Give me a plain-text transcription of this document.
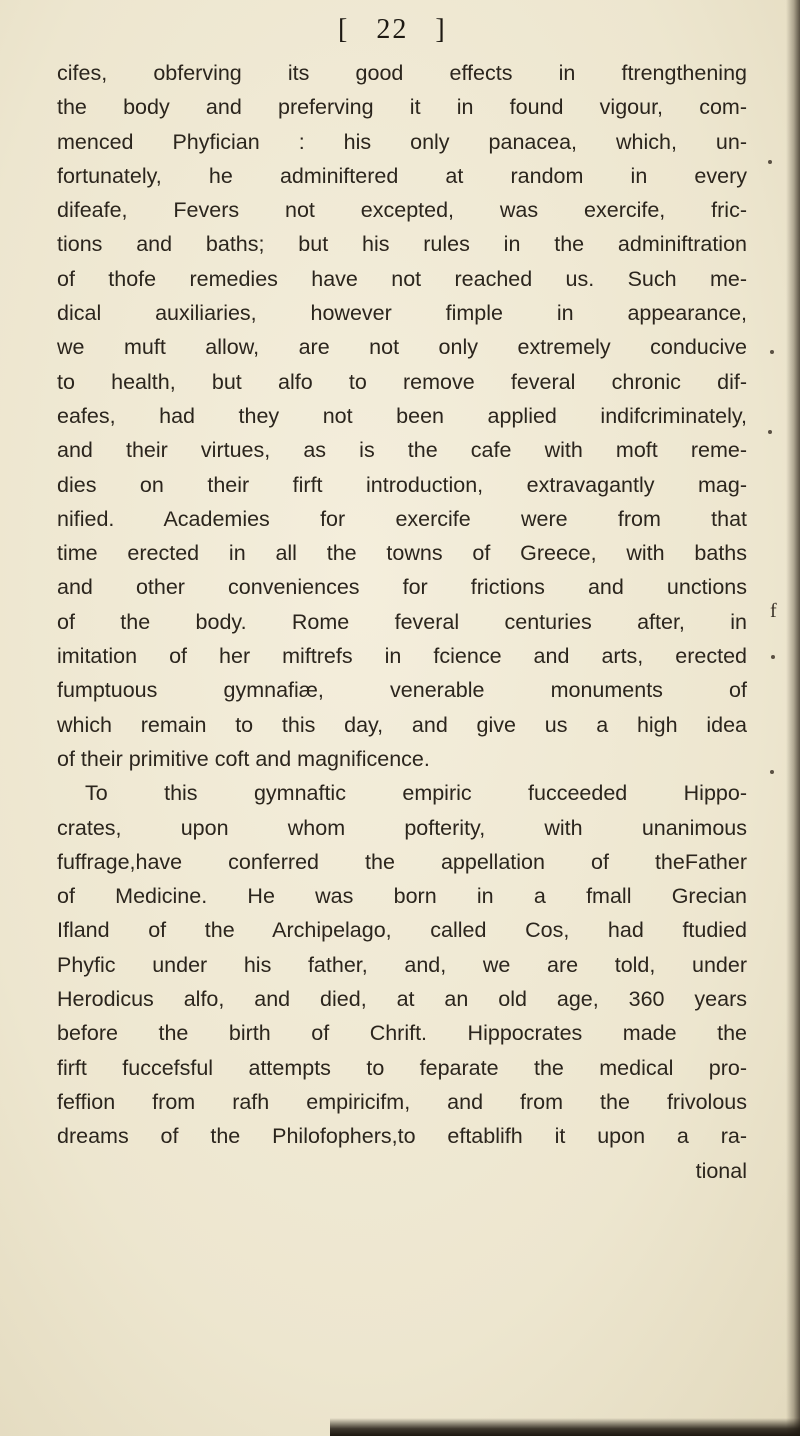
[ 22 ]
cifes, obferving its good effects in ftrengthening
the body and preferving it in found vigour, com-
menced Phyfician : his only panacea, which, un-
fortunately, he adminiftered at random in every
difeafe, Fevers not excepted, was exercife, fric-
tions and baths; but his rules in the adminiftration
of thofe remedies have not reached us. Such me-
dical auxiliaries, however fimple in appearance,
we muft allow, are not only extremely conducive
to health, but alfo to remove feveral chronic dif-
eafes, had they not been applied indifcriminately,
and their virtues, as is the cafe with moft reme-
dies on their firft introduction, extravagantly mag-
nified. Academies for exercife were from that
time erected in all the towns of Greece, with baths
and other conveniences for frictions and unctions
of the body. Rome feveral centuries after, in
imitation of her miftrefs in fcience and arts, erected
fumptuous gymnafiæ, venerable monuments of
which remain to this day, and give us a high idea
of their primitive coft and magnificence.
To this gymnaftic empiric fucceeded Hippo-
crates, upon whom pofterity, with unanimous
fuffrage,have conferred the appellation of theFather
of Medicine. He was born in a fmall Grecian
Ifland of the Archipelago, called Cos, had ftudied
Phyfic under his father, and, we are told, under
Herodicus alfo, and died, at an old age, 360 years
before the birth of Chrift. Hippocrates made the
firft fuccefsful attempts to feparate the medical pro-
feffion from rafh empiricifm, and from the frivolous
dreams of the Philofophers,to eftablifh it upon a ra-
tional
f
